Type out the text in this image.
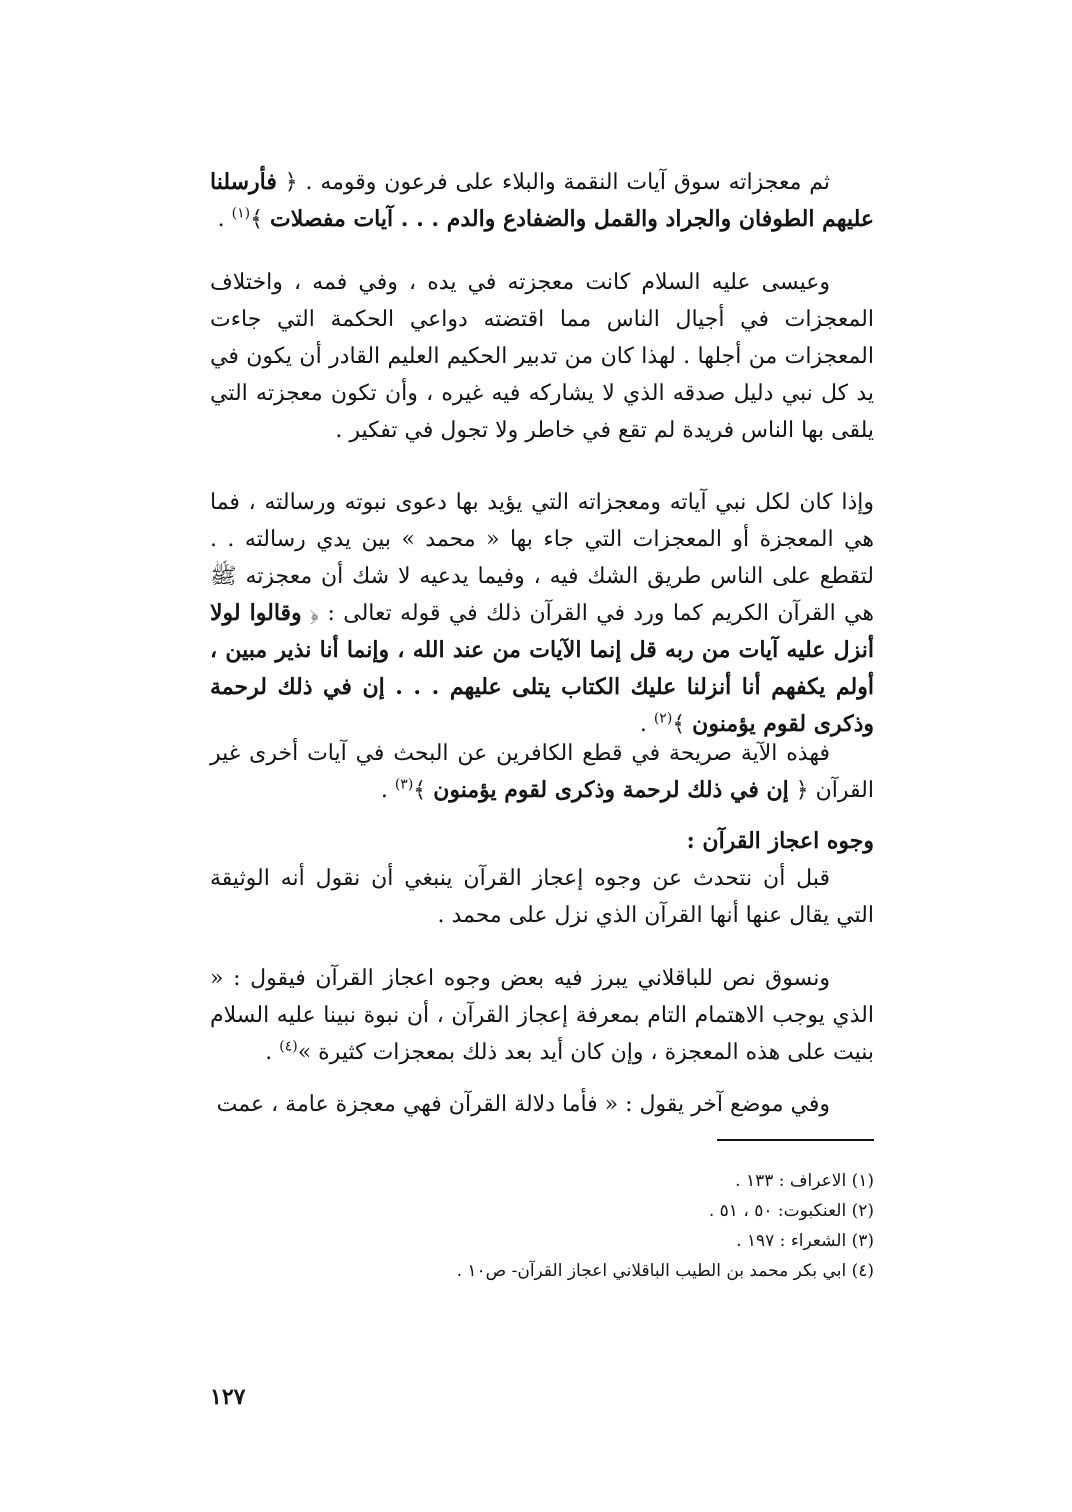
ثم معجزاته سوق آيات النقمة والبلاء على فرعون وقومه . ﴿ فأرسلنا عليهم الطوفان والجراد والقمل والضفادع والدم . . . آيات مفصلات ﴾$^{(١)}$ .
وعيسى عليه السلام كانت معجزته في يده ، وفي فمه ، واختلاف المعجزات في أجيال الناس مما اقتضته دواعي الحكمة التي جاءت المعجزات من أجلها . لهذا كان من تدبير الحكيم العليم القادر أن يكون في يد كل نبي دليل صدقه الذي لا يشاركه فيه غيره ، وأن تكون معجزته التي يلقى بها الناس فريدة لم تقع في خاطر ولا تجول في تفكير .
وإذا كان لكل نبي آياته ومعجزاته التي يؤيد بها دعوى نبوته ورسالته ، فما هي المعجزة أو المعجزات التي جاء بها « محمد » بين يدي رسالته . . لتقطع على الناس طريق الشك فيه ، وفيما يدعيه لا شك أن معجزته ﷺ هي القرآن الكريم كما ورد في القرآن ذلك في قوله تعالى : ﴿ وقالوا لولا أنزل عليه آيات من ربه قل إنما الآيات من عند الله ، وإنما أنا نذير مبين ، أولم يكفهم أنا أنزلنا عليك الكتاب يتلى عليهم . . . إن في ذلك لرحمة وذكرى لقوم يؤمنون ﴾$^{(٢)}$ .
فهذه الآية صريحة في قطع الكافرين عن البحث في آيات أخرى غير القرآن ﴿ إن في ذلك لرحمة وذكرى لقوم يؤمنون ﴾$^{(٣)}$ .
وجوه اعجاز القرآن :
قبل أن نتحدث عن وجوه إعجاز القرآن ينبغي أن نقول أنه الوثيقة التي يقال عنها أنها القرآن الذي نزل على محمد .
ونسوق نص للباقلاني يبرز فيه بعض وجوه اعجاز القرآن فيقول : « الذي يوجب الاهتمام التام بمعرفة إعجاز القرآن ، أن نبوة نبينا عليه السلام بنيت على هذه المعجزة ، وإن كان أيد بعد ذلك بمعجزات كثيرة »$^{(٤)}$ .
وفي موضع آخر يقول : « فأما دلالة القرآن فهي معجزة عامة ، عمت
(١) الاعراف : ١٣٣ .
(٢) العنكبوت: ٥٠ ، ٥١ .
(٣) الشعراء : ١٩٧ .
(٤) ابي بكر محمد بن الطيب الباقلاني اعجاز القرآن- ص١٠ .
١٢٧
